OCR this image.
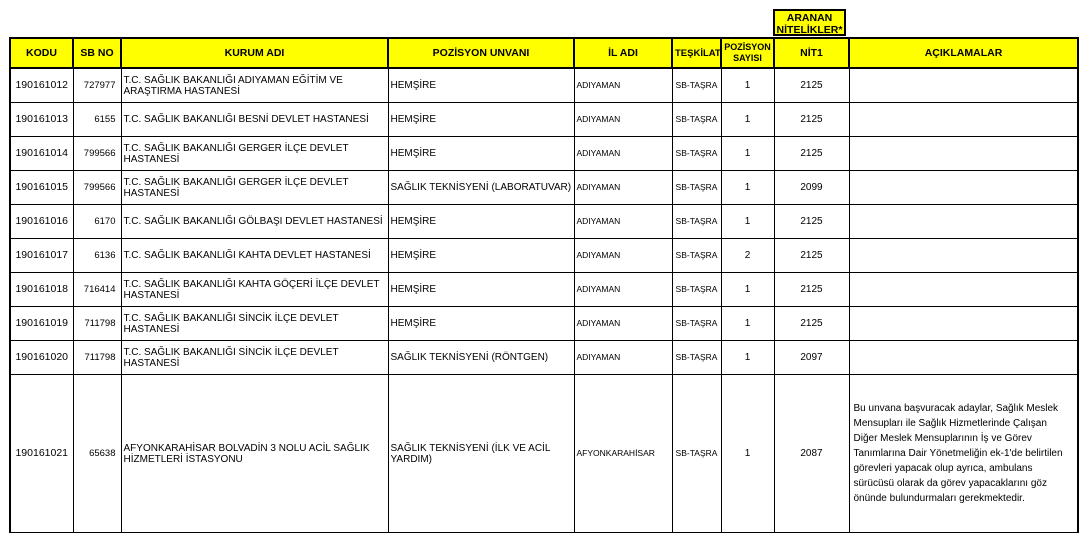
ARANAN NİTELİKLER*
KODU	SB NO	KURUM ADI	POZİSYON UNVANI	İL ADI	TEŞKİLAT	POZİSYON SAYISI	NİT1	AÇIKLAMALAR
190161012	727977	T.C. SAĞLIK BAKANLIĞI ADIYAMAN EĞİTİM VE ARAŞTIRMA HASTANESİ	HEMŞİRE	ADIYAMAN	SB-TAŞRA	1	2125	
190161013	6155	T.C. SAĞLIK BAKANLIĞI BESNİ DEVLET HASTANESİ	HEMŞİRE	ADIYAMAN	SB-TAŞRA	1	2125	
190161014	799566	T.C. SAĞLIK BAKANLIĞI GERGER İLÇE DEVLET HASTANESİ	HEMŞİRE	ADIYAMAN	SB-TAŞRA	1	2125	
190161015	799566	T.C. SAĞLIK BAKANLIĞI GERGER İLÇE DEVLET HASTANESİ	SAĞLIK TEKNİSYENİ (LABORATUVAR)	ADIYAMAN	SB-TAŞRA	1	2099	
190161016	6170	T.C. SAĞLIK BAKANLIĞI GÖLBAŞI DEVLET HASTANESİ	HEMŞİRE	ADIYAMAN	SB-TAŞRA	1	2125	
190161017	6136	T.C. SAĞLIK BAKANLIĞI KAHTA DEVLET HASTANESİ	HEMŞİRE	ADIYAMAN	SB-TAŞRA	2	2125	
190161018	716414	T.C. SAĞLIK BAKANLIĞI KAHTA GÖÇERİ İLÇE DEVLET HASTANESİ	HEMŞİRE	ADIYAMAN	SB-TAŞRA	1	2125	
190161019	711798	T.C. SAĞLIK BAKANLIĞI SİNCİK İLÇE DEVLET HASTANESİ	HEMŞİRE	ADIYAMAN	SB-TAŞRA	1	2125	
190161020	711798	T.C. SAĞLIK BAKANLIĞI SİNCİK İLÇE DEVLET HASTANESİ	SAĞLIK TEKNİSYENİ (RÖNTGEN)	ADIYAMAN	SB-TAŞRA	1	2097	
190161021	65638	AFYONKARAHİSAR BOLVADİN 3 NOLU ACİL SAĞLIK HİZMETLERİ İSTASYONU	SAĞLIK TEKNİSYENİ (İLK VE ACİL YARDIM)	AFYONKARAHİSAR	SB-TAŞRA	1	2087	Bu unvana başvuracak adaylar, Sağlık Meslek Mensupları ile Sağlık Hizmetlerinde Çalışan Diğer Meslek Mensuplarının İş ve Görev Tanımlarına Dair Yönetmeliğin ek-1'de belirtilen görevleri yapacak olup ayrıca, ambulans sürücüsü olarak da görev yapacaklarını göz önünde bulundurmaları gerekmektedir.
